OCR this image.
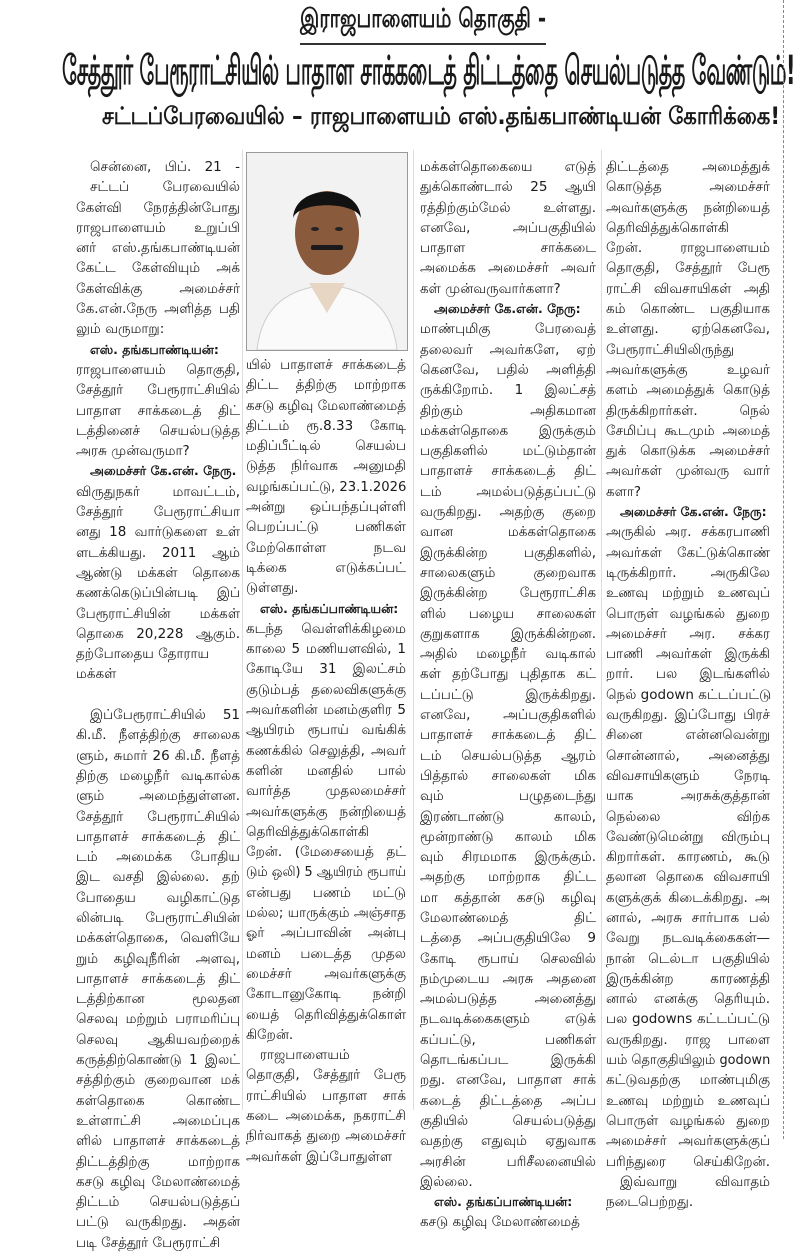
இராஜபாளையம் தொகுதி -
சேத்தூர் பேரூராட்சியில் பாதாள சாக்கடைத் திட்டத்தை செயல்படுத்த வேண்டும்!
சட்டப்பேரவையில் – ராஜபாளையம் எஸ்.தங்கபாண்டியன் கோரிக்கை!
சென்னை, பிப். 21 -
சட்டப் பேரவையில்
கேள்வி நேரத்தின்போது
ராஜபாளையம் உறுப்பி
னர் எஸ்.தங்கபாண்டியன்
கேட்ட கேள்வியும் அக்
கேள்விக்கு அமைச்சர்
கே.என்.நேரு அளித்த பதி
லும் வருமாறு:
எஸ். தங்கபாண்டியன்:
ராஜபாளையம் தொகுதி,
சேத்தூர் பேரூராட்சியில்
பாதாள சாக்கடைத் திட்
டத்தினைச் செயல்படுத்த
அரசு முன்வருமா?
அமைச்சர் கே.என். நேரு.
விருதுநகர் மாவட்டம்,
சேத்தூர் பேரூராட்சியா
னது 18 வார்டுகளை உள்
ளடக்கியது. 2011 ஆம்
ஆண்டு மக்கள் தொகை
கணக்கெடுப்பின்படி இப்
பேரூராட்சியின் மக்கள்
தொகை 20,228 ஆகும்.
தற்போதைய தோராய
மக்கள்
இப்பேரூராட்சியில் 51
கி.மீ. நீளத்திற்கு சாலைக
ளும், சுமார் 26 கி.மீ. நீளத்
திற்கு மழைநீர் வடிகால்க
ளும் அமைந்துள்ளன.
சேத்தூர் பேரூராட்சியில்
பாதாளச் சாக்கடைத் திட்
டம் அமைக்க போதிய
இட வசதி இல்லை. தற்
போதைய வழிகாட்டுத
லின்படி பேரூராட்சியின்
மக்கள்தொகை, வெளியே
றும் கழிவுநீரின் அளவு,
பாதாளச் சாக்கடைத் திட்
டத்திற்கான மூலதன
செலவு மற்றும் பராமரிப்பு
செலவு ஆகியவற்றைக்
கருத்திற்கொண்டு 1 இலட்
சத்திற்கும் குறைவான மக்
கள்தொகை கொண்ட
உள்ளாட்சி அமைப்புக
ளில் பாதாளச் சாக்கடைத்
திட்டத்திற்கு மாற்றாக
கசடு கழிவு மேலாண்மைத்
திட்டம் செயல்படுத்தப்
பட்டு வருகிறது. அதன்
படி சேத்தூர் பேரூராட்சி
யில் பாதாளச் சாக்கடைத்
திட்ட த்திற்கு மாற்றாக
கசடு கழிவு மேலாண்மைத்
திட்டம் ரூ.8.33 கோடி
மதிப்பீட்டில் செயல்ப
டுத்த நிர்வாக அனுமதி
வழங்கப்பட்டு, 23.1.2026
அன்று ஒப்பந்தப்புள்ளி
பெறப்பட்டு பணிகள்
மேற்கொள்ள நடவ
டிக்கை எடுக்கப்பட்
டுள்ளது.
எஸ். தங்கப்பாண்டியன்:
கடந்த வெள்ளிக்கிழமை
காலை 5 மணியளவில், 1
கோடியே 31 இலட்சம்
குடும்பத் தலைவிகளுக்கு
அவர்களின் மனம்குளிர 5
ஆயிரம் ரூபாய் வங்கிக்
கணக்கில் செலுத்தி, அவர்
களின் மனதில் பால்
வார்த்த முதலமைச்சர்
அவர்களுக்கு நன்றியைத்
தெரிவித்துக்கொள்கி
றேன். (மேசையைத் தட்
டும் ஒலி) 5 ஆயிரம் ரூபாய்
என்பது பணம் மட்டு
மல்ல; யாருக்கும் அஞ்சாத
ஓர் அப்பாவின் அன்பு
மனம் படைத்த முதல
மைச்சர் அவர்களுக்கு
கோடானுகோடி நன்றி
யைத் தெரிவித்துக்கொள்
கிறேன்.
ராஜபாளையம்
தொகுதி, சேத்தூர் பேரூ
ராட்சியில் பாதாள சாக்
கடை அமைக்க, நகராட்சி
நிர்வாகத் துறை அமைச்சர்
அவர்கள் இப்போதுள்ள
மக்கள்தொகையை எடுத்
துக்கொண்டால் 25 ஆயி
ரத்திற்கும்மேல் உள்ளது.
எனவே, அப்பகுதியில்
பாதாள சாக்கடை
அமைக்க அமைச்சர் அவர்
கள் முன்வருவார்களா?
அமைச்சர் கே.என். நேரு:
மாண்புமிகு பேரவைத்
தலைவர் அவர்களே, ஏற்
கெனவே, பதில் அளித்தி
ருக்கிறோம். 1 இலட்சத்
திற்கும் அதிகமான
மக்கள்தொகை இருக்கும்
பகுதிகளில் மட்டும்தான்
பாதாளச் சாக்கடைத் திட்
டம் அமல்படுத்தப்பட்டு
வருகிறது. அதற்கு குறை
வான மக்கள்தொகை
இருக்கின்ற பகுதிகளில்,
சாலைகளும் குறைவாக
இருக்கின்ற பேரூராட்சிக
ளில் பழைய சாலைகள்
குறுகளாக இருக்கின்றன.
அதில் மழைநீர் வடிகால்
கள் தற்போது புதிதாக கட்
டப்பட்டு இருக்கிறது.
எனவே, அப்பகுதிகளில்
பாதாளச் சாக்கடைத் திட்
டம் செயல்படுத்த ஆரம்
பித்தால் சாலைகள் மிக
வும் பழுதடைந்து
இரண்டாண்டு காலம்,
மூன்றாண்டு காலம் மிக
வும் சிரமமாக இருக்கும்.
அதற்கு மாற்றாக திட்ட
மா கத்தான் கசடு கழிவு
மேலாண்மைத் திட்
டத்தை அப்பகுதியிலே 9
கோடி ரூபாய் செலவில்
நம்முடைய அரசு அதனை
அமல்படுத்த அனைத்து
நடவடிக்கைகளும் எடுக்
கப்பட்டு, பணிகள்
தொடங்கப்பட இருக்கி
றது. எனவே, பாதாள சாக்
கடைத் திட்டத்தை அப்ப
குதியில் செயல்படுத்து
வதற்கு எதுவும் ஏதுவாக
அரசின் பரிசீலனையில்
இல்லை.
எஸ். தங்கப்பாண்டியன்:
கசடு கழிவு மேலாண்மைத்
திட்டத்தை அமைத்துக்
கொடுத்த அமைச்சர்
அவர்களுக்கு நன்றியைத்
தெரிவித்துக்கொள்கி
றேன். ராஜபாளையம்
தொகுதி, சேத்தூர் பேரூ
ராட்சி விவசாயிகள் அதி
கம் கொண்ட பகுதியாக
உள்ளது. ஏற்கெனவே,
பேரூராட்சியிலிருந்து
அவர்களுக்கு உழவர்
களம் அமைத்துக் கொடுத்
திருக்கிறார்கள். நெல்
சேமிப்பு கூடமும் அமைத்
துக் கொடுக்க அமைச்சர்
அவர்கள் முன்வரு வார்
களா?
அமைச்சர் கே.என். நேரு:
அருகில் அர. சக்கரபாணி
அவர்கள் கேட்டுக்கொண்
டிருக்கிறார். அருகிலே
உணவு மற்றும் உணவுப்
பொருள் வழங்கல் துறை
அமைச்சர் அர. சக்கர
பாணி அவர்கள் இருக்கி
றார். பல இடங்களில்
நெல் godown கட்டப்பட்டு
வருகிறது. இப்போது பிரச்
சினை என்னவென்று
சொன்னால், அனைத்து
விவசாயிகளும் நேரடி
யாக அரசுக்குத்தான்
நெல்லை விற்க
வேண்டுமென்று விரும்பு
கிறார்கள். காரணம், கூடு
தலான தொகை விவசாயி
களுக்குக் கிடைக்கிறது. அ
னால், அரசு சார்பாக பல்
வேறு நடவடிக்கைகள்—
நான் டெல்டா பகுதியில்
இருக்கின்ற காரணத்தி
னால் எனக்கு தெரியும்.
பல godowns கட்டப்பட்டு
வருகிறது. ராஜ பாளை
யம் தொகுதியிலும் godown
கட்டுவதற்கு மாண்புமிகு
உணவு மற்றும் உணவுப்
பொருள் வழங்கல் துறை
அமைச்சர் அவர்களுக்குப்
பரிந்துரை செய்கிறேன்.
இவ்வாறு விவாதம்
நடைபெற்றது.
